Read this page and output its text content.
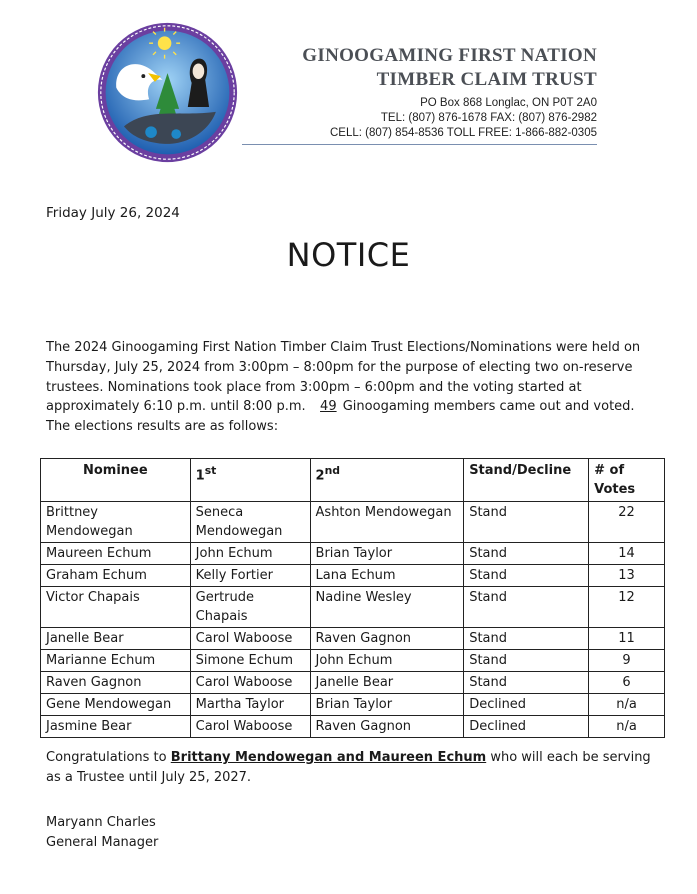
GINOOGAMING FIRST NATION
TIMBER CLAIM TRUST
PO Box 868 Longlac, ON P0T 2A0
TEL: (807) 876-1678 FAX: (807) 876-2982
CELL: (807) 854-8536 TOLL FREE: 1-866-882-0305
Friday July 26, 2024
NOTICE

The 2024 Ginoogaming First Nation Timber Claim Trust Elections/Nominations were held on Thursday, July 25, 2024 from 3:00pm – 8:00pm for the purpose of electing two on-reserve trustees. Nominations took place from 3:00pm – 6:00pm and the voting started at approximately 6:10 p.m. until 8:00 p.m. 49 Ginoogaming members came out and voted. The elections results are as follows:

Nominee	1st	2nd	Stand/Decline	# of Votes
Brittney Mendowegan	Seneca Mendowegan	Ashton Mendowegan	Stand	22
Maureen Echum	John Echum	Brian Taylor	Stand	14
Graham Echum	Kelly Fortier	Lana Echum	Stand	13
Victor Chapais	Gertrude Chapais	Nadine Wesley	Stand	12
Janelle Bear	Carol Waboose	Raven Gagnon	Stand	11
Marianne Echum	Simone Echum	John Echum	Stand	9
Raven Gagnon	Carol Waboose	Janelle Bear	Stand	6
Gene Mendowegan	Martha Taylor	Brian Taylor	Declined	n/a
Jasmine Bear	Carol Waboose	Raven Gagnon	Declined	n/a

Congratulations to Brittany Mendowegan and Maureen Echum who will each be serving as a Trustee until July 25, 2027.

Maryann Charles
General Manager
